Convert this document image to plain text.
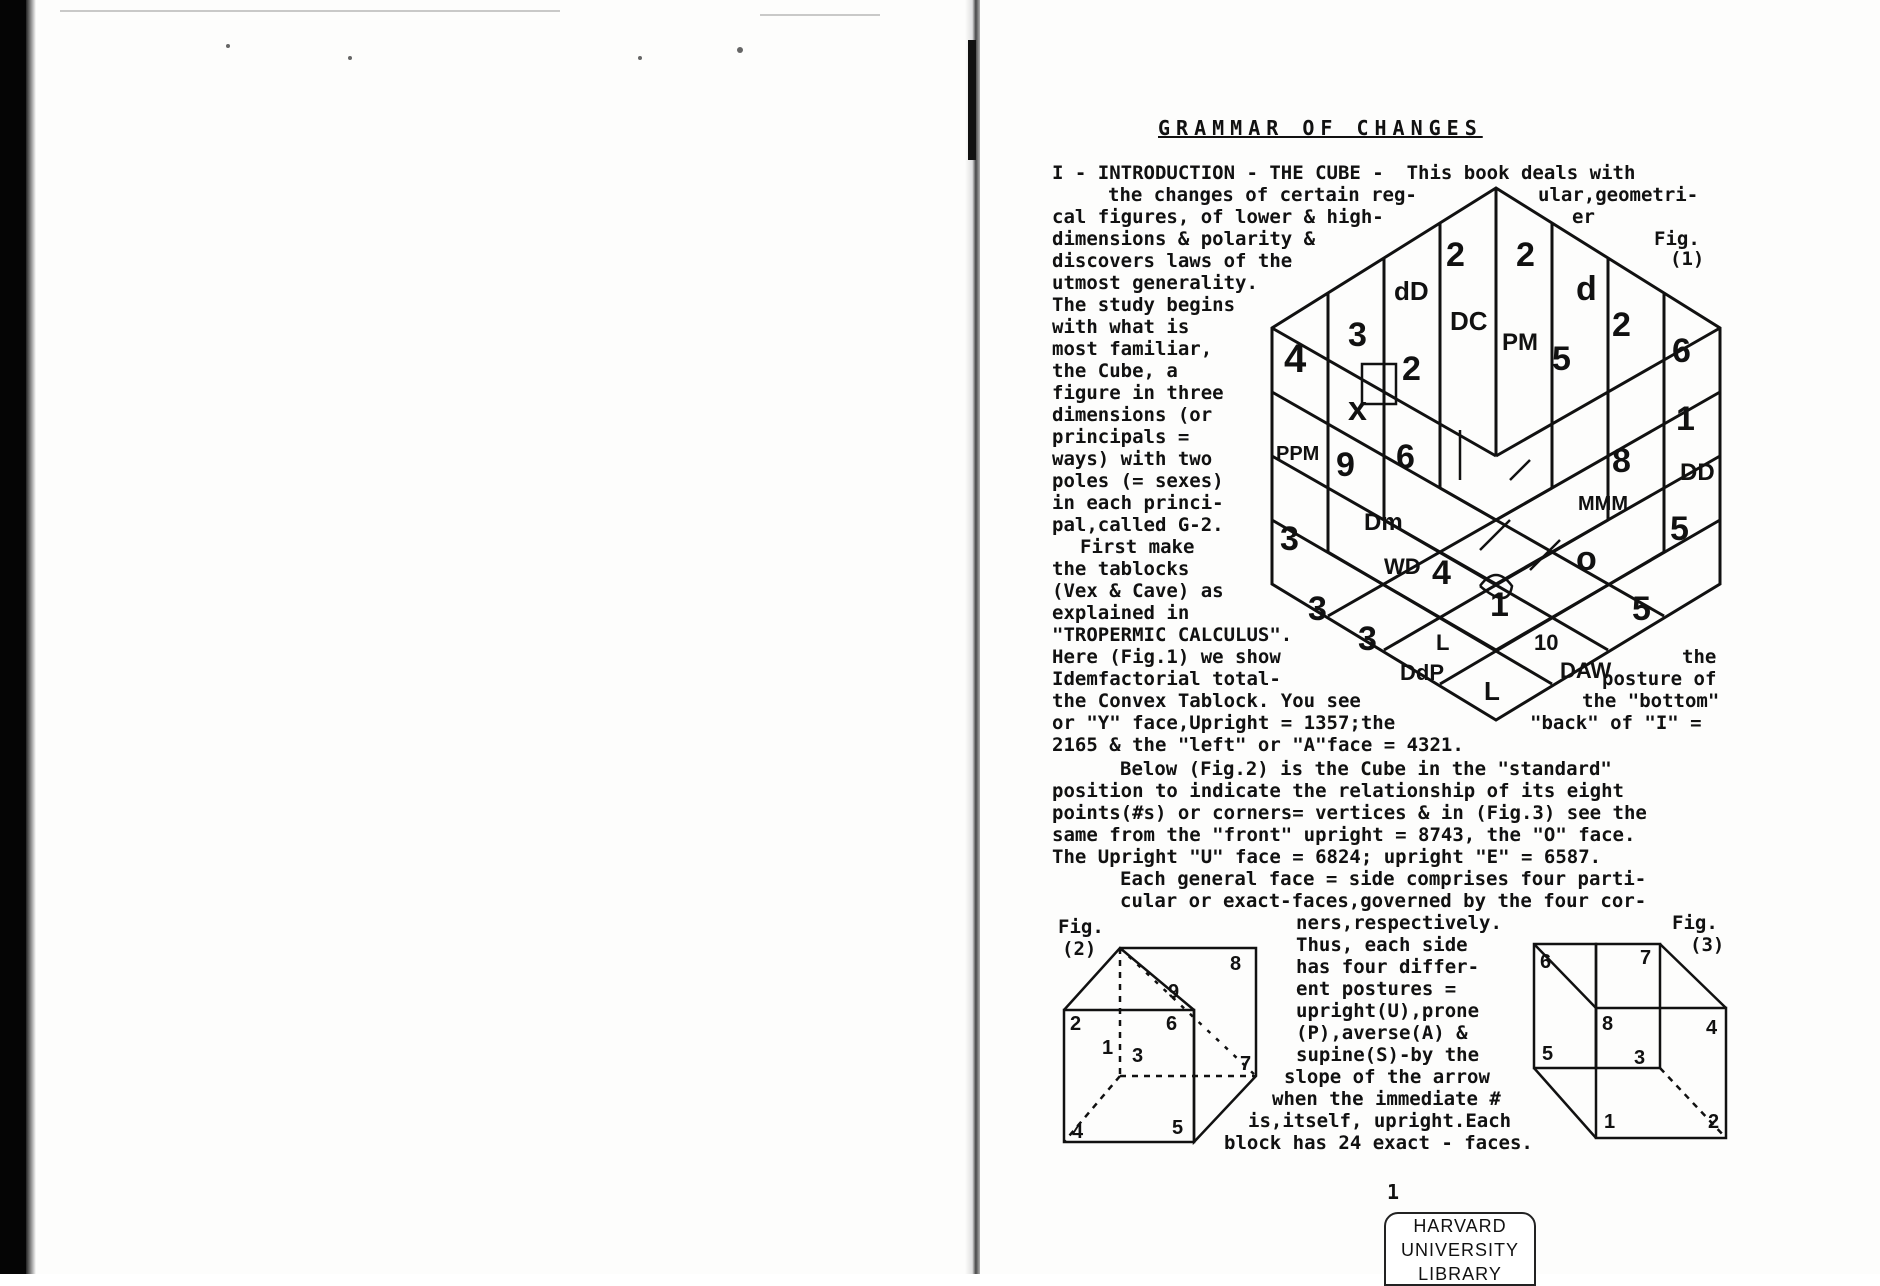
GRAMMAR OF CHANGES
I - INTRODUCTION - THE CUBE -  This book deals with
the changes of certain reg-	ular,geometri-
cal figures, of lower & high-	er
dimensions & polarity &
discovers laws of the
utmost generality.
The study begins
with what is
most familiar,
the Cube, a
figure in three
dimensions (or
principals =
ways) with two
poles (= sexes)
in each princi-
pal,called G-2.
First make
the tablocks
(Vex & Cave) as
explained in
"TROPERMIC CALCULUS".
Here (Fig.1) we show	the
Idemfactorial total-	posture of
the Convex Tablock. You see	the "bottom"
or "Y" face,Upright = 1357;the	"back" of "I" =
2165 & the "left" or "A"face = 4321.
Below (Fig.2) is the Cube in the "standard"
position to indicate the relationship of its eight
points(#s) or corners= vertices & in (Fig.3) see the
same from the "front" upright = 8743, the "O" face.
The Upright "U" face = 6824; upright "E" = 6587.
Each general face = side comprises four parti-
cular or exact-faces,governed by the four cor-
ners,respectively.
Thus, each side
has four differ-
ent postures =
upright(U),prone
(P),averse(A) &
supine(S)-by the
slope of the arrow
when the immediate #
is,itself, upright.Each
block has 24 exact - faces.
Fig.
(1)
Fig.
(2)
Fig.
(3)
2 2
d
dD
3	DC
4	PM 5
2
6
2
1
x
9
PPM 6
3	Dm
8
MMM
DD
5
3
WD 4	o
5
3	L
1
10
DdP	DAW
L
8
9
2	6
1
5
7
4
3
6	7
8	4
5
1
3
2
1
HARVARD
UNIVERSITY
LIBRARY
